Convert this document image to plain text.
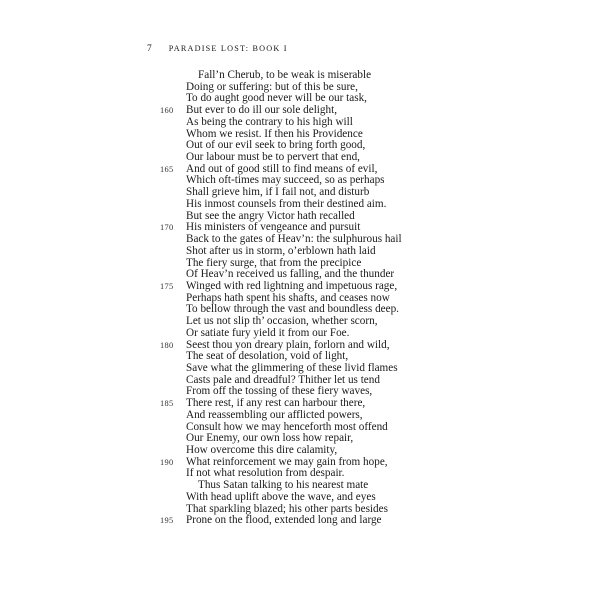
7 PARADISE LOST: BOOK I
Fall’n Cherub, to be weak is miserable
Doing or suffering: but of this be sure,
To do aught good never will be our task,
160 But ever to do ill our sole delight,
As being the contrary to his high will
Whom we resist. If then his Providence
Out of our evil seek to bring forth good,
Our labour must be to pervert that end,
165 And out of good still to find means of evil,
Which oft-times may succeed, so as perhaps
Shall grieve him, if I fail not, and disturb
His inmost counsels from their destined aim.
But see the angry Victor hath recalled
170 His ministers of vengeance and pursuit
Back to the gates of Heav’n: the sulphurous hail
Shot after us in storm, o’erblown hath laid
The fiery surge, that from the precipice
Of Heav’n received us falling, and the thunder
175 Winged with red lightning and impetuous rage,
Perhaps hath spent his shafts, and ceases now
To bellow through the vast and boundless deep.
Let us not slip th’ occasion, whether scorn,
Or satiate fury yield it from our Foe.
180 Seest thou yon dreary plain, forlorn and wild,
The seat of desolation, void of light,
Save what the glimmering of these livid flames
Casts pale and dreadful? Thither let us tend
From off the tossing of these fiery waves,
185 There rest, if any rest can harbour there,
And reassembling our afflicted powers,
Consult how we may henceforth most offend
Our Enemy, our own loss how repair,
How overcome this dire calamity,
190 What reinforcement we may gain from hope,
If not what resolution from despair.
Thus Satan talking to his nearest mate
With head uplift above the wave, and eyes
That sparkling blazed; his other parts besides
195 Prone on the flood, extended long and large
